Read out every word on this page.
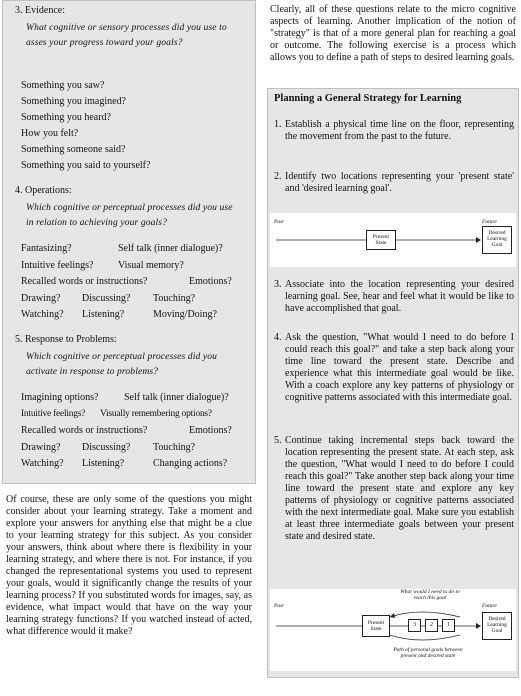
3. Evidence:
What cognitive or sensory processes did you use to asses your progress toward your goals?
Something you saw?
Something you imagined?
Something you heard?
How you felt?
Something someone said?
Something you said to yourself?
4. Operations:
Which cognitive or perceptual processes did you use in relation to achieving your goals?
Fantasizing?	Self talk (inner dialogue)?
Intuitive feelings? Visual memory?
Recalled words or instructions?	Emotions?
Drawing? Discussing? Touching?
Watching? Listening?	Moving/Doing?
5. Response to Problems:
Which cognitive or perceptual processes did you activate in response to problems?
Imagining options?	Self talk (inner dialogue)?
Intuitive feelings? Visually remembering options?
Recalled words or instructions?	Emotions?
Drawing? Discussing? Touching?
Watching? Listening?	Changing actions?
Of course, these are only some of the questions you might consider about your learning strategy. Take a moment and explore your answers for anything else that might be a clue to your learning strategy for this subject. As you consider your answers, think about where there is flexibility in your learning strategy, and where there is not. For instance, if you changed the representational systems you used to represent your goals, would it significantly change the results of your learning process? If you substituted words for images, say, as evidence, what impact would that have on the way your learning strategy functions? If you watched instead of acted, what difference would it make?
Clearly, all of these questions relate to the micro cognitive aspects of learning. Another implication of the notion of "strategy" is that of a more general plan for reaching a goal or outcome. The following exercise is a process which allows you to define a path of steps to desired learning goals.
Planning a General Strategy for Learning
1. Establish a physical time line on the floor, representing the movement from the past to the future.
2. Identify two locations representing your 'present state' and 'desired learning goal'.
Past	Future
Present State
Desired Learning Goal
3. Associate into the location representing your desired learning goal. See, hear and feel what it would be like to have accomplished that goal.
4. Ask the question, "What would I need to do before I could reach this goal?" and take a step back along your time line toward the present state. Describe and experience what this intermediate goal would be like. With a coach explore any key patterns of physiology or cognitive patterns associated with this intermediate goal.
5. Continue taking incremental steps back toward the location representing the present state. At each step, ask the question, "What would I need to do before I could reach this goal?" Take another step back along your time line toward the present state and explore any key patterns of physiology or cognitive patterns associated with the next intermediate goal. Make sure you establish at least three intermediate goals between your present state and desired state.
Past	Future
What would I need to do to reach this goal
Present State
3	2	1
Desired Learning Goal
Path of personal goals between present and desired state
